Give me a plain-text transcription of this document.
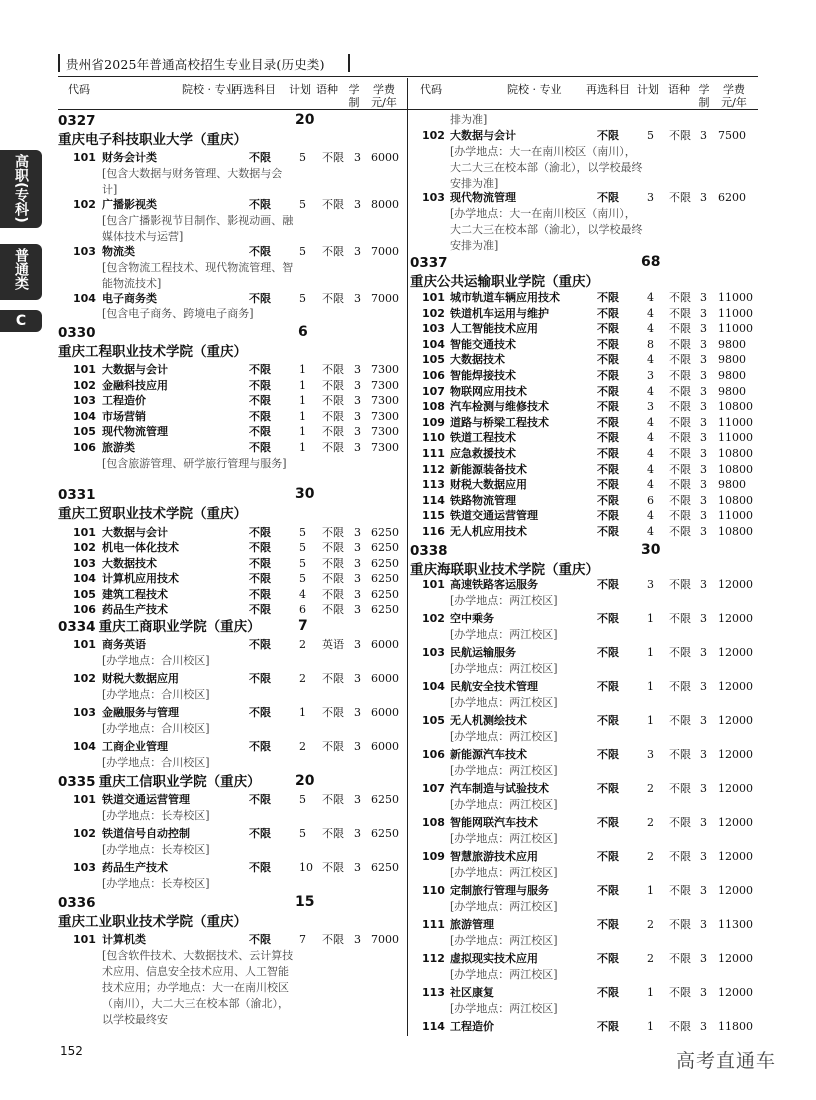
贵州省2025年普通高校招生专业目录(历史类)
高职(专科)
普通类
C
代码	院校 · 专业
再选科目 计划 语种 学制
学费元/年
代码	院校 · 专业 再选科目 计划 语种 学制
学费元/年
0327重庆电子科技职业大学（重庆）
20
101 财务会计类	不限	5 不限 3 6000
[包含大数据与财务管理、大数据与会计]
102 广播影视类	不限	5 不限 3 8000
[包含广播影视节目制作、影视动画、融媒体技术与运营]
103 物流类	不限	5 不限 3 7000
[包含物流工程技术、现代物流管理、智能物流技术]
104 电子商务类	不限	5 不限 3 7000
[包含电子商务、跨境电子商务]
0330重庆工程职业技术学院（重庆）
6
101 大数据与会计	不限	1 不限 3 7300
102 金融科技应用	不限	1 不限 3 7300
103 工程造价	不限	1 不限 3 7300
104 市场营销	不限	1 不限 3 7300
105 现代物流管理	不限	1 不限 3 7300
106 旅游类	不限	1 不限 3 7300
[包含旅游管理、研学旅行管理与服务]
0331重庆工贸职业技术学院（重庆）
30
101 大数据与会计	不限	5 不限 3 6250
102 机电一体化技术	不限	5 不限 3 6250
103 大数据技术	不限	5 不限 3 6250
104 计算机应用技术	不限	5 不限 3 6250
105 建筑工程技术	不限	4 不限 3 6250
106 药品生产技术	不限	6 不限 3 6250
0334 重庆工商职业学院（重庆）	7
101 商务英语	不限	2 英语 3 6000
[办学地点：合川校区]
102 财税大数据应用	不限	2 不限 3 6000
[办学地点：合川校区]
103 金融服务与管理	不限	1 不限 3 6000
[办学地点：合川校区]
104 工商企业管理	不限	2 不限 3 6000
[办学地点：合川校区]
0335 重庆工信职业学院（重庆）	20
101 铁道交通运营管理	不限	5 不限 3 6250
[办学地点：长寿校区]
102 铁道信号自动控制	不限	5 不限 3 6250
[办学地点：长寿校区]
103 药品生产技术	不限	10 不限 3 6250
[办学地点：长寿校区]
0336重庆工业职业技术学院（重庆）
15
101 计算机类	不限	7 不限 3 7000
[包含软件技术、大数据技术、云计算技术应用、信息安全技术应用、人工智能技术应用；办学地点：大一在南川校区（南川），大二大三在校本部（渝北），以学校最终安
排为准]
102 大数据与会计	不限	5 不限 3 7500
[办学地点：大一在南川校区（南川），大二大三在校本部（渝北），以学校最终安排为准]
103 现代物流管理	不限	3 不限 3 6200
[办学地点：大一在南川校区（南川），大二大三在校本部（渝北），以学校最终安排为准]
0337重庆公共运输职业学院（重庆）
68
101 城市轨道车辆应用技术	不限	4 不限 3 11000
102 铁道机车运用与维护	不限	4 不限 3 11000
103 人工智能技术应用	不限	4 不限 3 11000
104 智能交通技术	不限	8 不限 3 9800
105 大数据技术	不限	4 不限 3 9800
106 智能焊接技术	不限	3 不限 3 9800
107 物联网应用技术	不限	4 不限 3 9800
108 汽车检测与维修技术	不限	3 不限 3 10800
109 道路与桥梁工程技术	不限	4 不限 3 11000
110 铁道工程技术	不限	4 不限 3 11000
111 应急救援技术	不限	4 不限 3 10800
112 新能源装备技术	不限	4 不限 3 10800
113 财税大数据应用	不限	4 不限 3 9800
114 铁路物流管理	不限	6 不限 3 10800
115 铁道交通运营管理	不限	4 不限 3 11000
116 无人机应用技术	不限	4 不限 3 10800
0338重庆海联职业技术学院（重庆）
30
101 高速铁路客运服务	不限	3 不限 3 12000
[办学地点：两江校区]
102 空中乘务	不限	1 不限 3 12000
[办学地点：两江校区]
103 民航运输服务	不限	1 不限 3 12000
[办学地点：两江校区]
104 民航安全技术管理	不限	1 不限 3 12000
[办学地点：两江校区]
105 无人机测绘技术	不限	1 不限 3 12000
[办学地点：两江校区]
106 新能源汽车技术	不限	3 不限 3 12000
[办学地点：两江校区]
107 汽车制造与试验技术	不限	2 不限 3 12000
[办学地点：两江校区]
108 智能网联汽车技术	不限	2 不限 3 12000
[办学地点：两江校区]
109 智慧旅游技术应用	不限	2 不限 3 12000
[办学地点：两江校区]
110 定制旅行管理与服务	不限	1 不限 3 12000
[办学地点：两江校区]
111 旅游管理	不限	2 不限 3 11300
[办学地点：两江校区]
112 虚拟现实技术应用	不限	2 不限 3 12000
[办学地点：两江校区]
113 社区康复	不限	1 不限 3 12000
[办学地点：两江校区]
114 工程造价	不限	1 不限 3 11800
152	高考直通车
